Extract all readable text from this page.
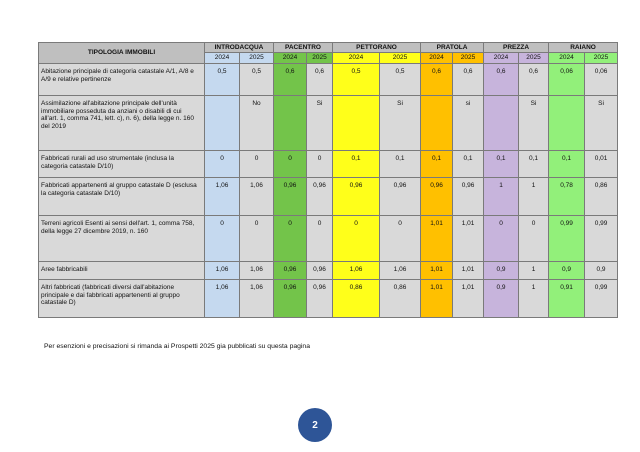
TIPOLOGIA IMMOBILI	INTRODACQUA		PACENTRO		PETTORANO		PRATOLA		PREZZA		RAIANO	
	2024	2025	2024	2025	2024	2025	2024	2025	2024	2025	2024	2025
Abitazione principale di categoria catastale A/1, A/8 e A/9 e relative pertinenze	0,5	0,5	0,6	0,6	0,5	0,5	0,6	0,6	0,6	0,6	0,06	0,06
Assimilazione all'abitazione principale dell'unità immobiliare posseduta da anziani o disabili di cui all'art. 1, comma 741, lett. c), n. 6), della legge n. 160 del 2019		No		Si		Si		si		Si		Si
Fabbricati rurali ad uso strumentale (inclusa la categoria catastale D/10)	0	0	0	0	0,1	0,1	0,1	0,1	0,1	0,1	0,1	0,01
Fabbricati appartenenti al gruppo catastale D (esclusa la categoria catastale D/10)	1,06	1,06	0,96	0,96	0,96	0,96	0,96	0,96	1	1	0,78	0,86
Terreni agricoli Esenti ai sensi dell'art. 1, comma 758, della legge 27 dicembre 2019, n. 160	0	0	0	0	0	0	1,01	1,01	0	0	0,99	0,99
Aree fabbricabili	1,06	1,06	0,96	0,96	1,06	1,06	1,01	1,01	0,9	1	0,9	0,9
Altri fabbricati (fabbricati diversi dall'abitazione principale e dai fabbricati appartenenti al gruppo catastale D)	1,06	1,06	0,96	0,96	0,86	0,86	1,01	1,01	0,9	1	0,91	0,99
Per esenzioni e precisazioni si rimanda ai Prospetti 2025 gia pubblicati su questa pagina
2
